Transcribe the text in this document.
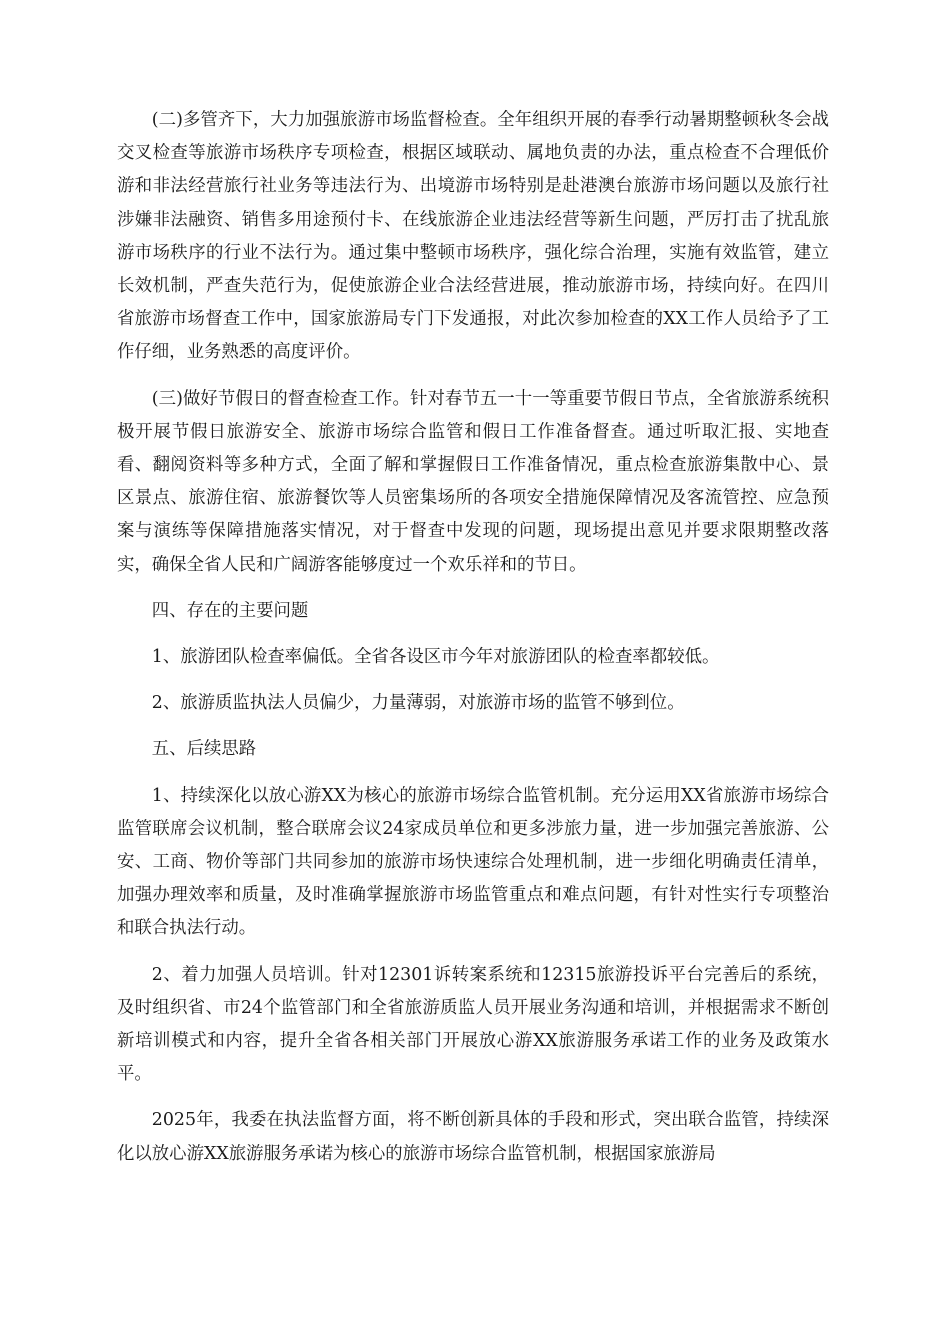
(二)多管齐下，大力加强旅游市场监督检查。全年组织开展的春季行动暑期整顿秋冬会战交叉检查等旅游市场秩序专项检查，根据区域联动、属地负责的办法，重点检查不合理低价游和非法经营旅行社业务等违法行为、出境游市场特别是赴港澳台旅游市场问题以及旅行社涉嫌非法融资、销售多用途预付卡、在线旅游企业违法经营等新生问题，严厉打击了扰乱旅游市场秩序的行业不法行为。通过集中整顿市场秩序，强化综合治理，实施有效监管，建立长效机制，严查失范行为，促使旅游企业合法经营进展，推动旅游市场，持续向好。在四川省旅游市场督查工作中，国家旅游局专门下发通报，对此次参加检查的XX工作人员给予了工作仔细，业务熟悉的高度评价。

(三)做好节假日的督查检查工作。针对春节五一十一等重要节假日节点，全省旅游系统积极开展节假日旅游安全、旅游市场综合监管和假日工作准备督查。通过听取汇报、实地查看、翻阅资料等多种方式，全面了解和掌握假日工作准备情况，重点检查旅游集散中心、景区景点、旅游住宿、旅游餐饮等人员密集场所的各项安全措施保障情况及客流管控、应急预案与演练等保障措施落实情况，对于督查中发现的问题，现场提出意见并要求限期整改落实，确保全省人民和广阔游客能够度过一个欢乐祥和的节日。

四、存在的主要问题

1、旅游团队检查率偏低。全省各设区市今年对旅游团队的检查率都较低。

2、旅游质监执法人员偏少，力量薄弱，对旅游市场的监管不够到位。

五、后续思路

1、持续深化以放心游XX为核心的旅游市场综合监管机制。充分运用XX省旅游市场综合监管联席会议机制，整合联席会议24家成员单位和更多涉旅力量，进一步加强完善旅游、公安、工商、物价等部门共同参加的旅游市场快速综合处理机制，进一步细化明确责任清单，加强办理效率和质量，及时准确掌握旅游市场监管重点和难点问题，有针对性实行专项整治和联合执法行动。

2、着力加强人员培训。针对12301诉转案系统和12315旅游投诉平台完善后的系统，及时组织省、市24个监管部门和全省旅游质监人员开展业务沟通和培训，并根据需求不断创新培训模式和内容，提升全省各相关部门开展放心游XX旅游服务承诺工作的业务及政策水平。

2025年，我委在执法监督方面，将不断创新具体的手段和形式，突出联合监管，持续深化以放心游XX旅游服务承诺为核心的旅游市场综合监管机制，根据国家旅游局
